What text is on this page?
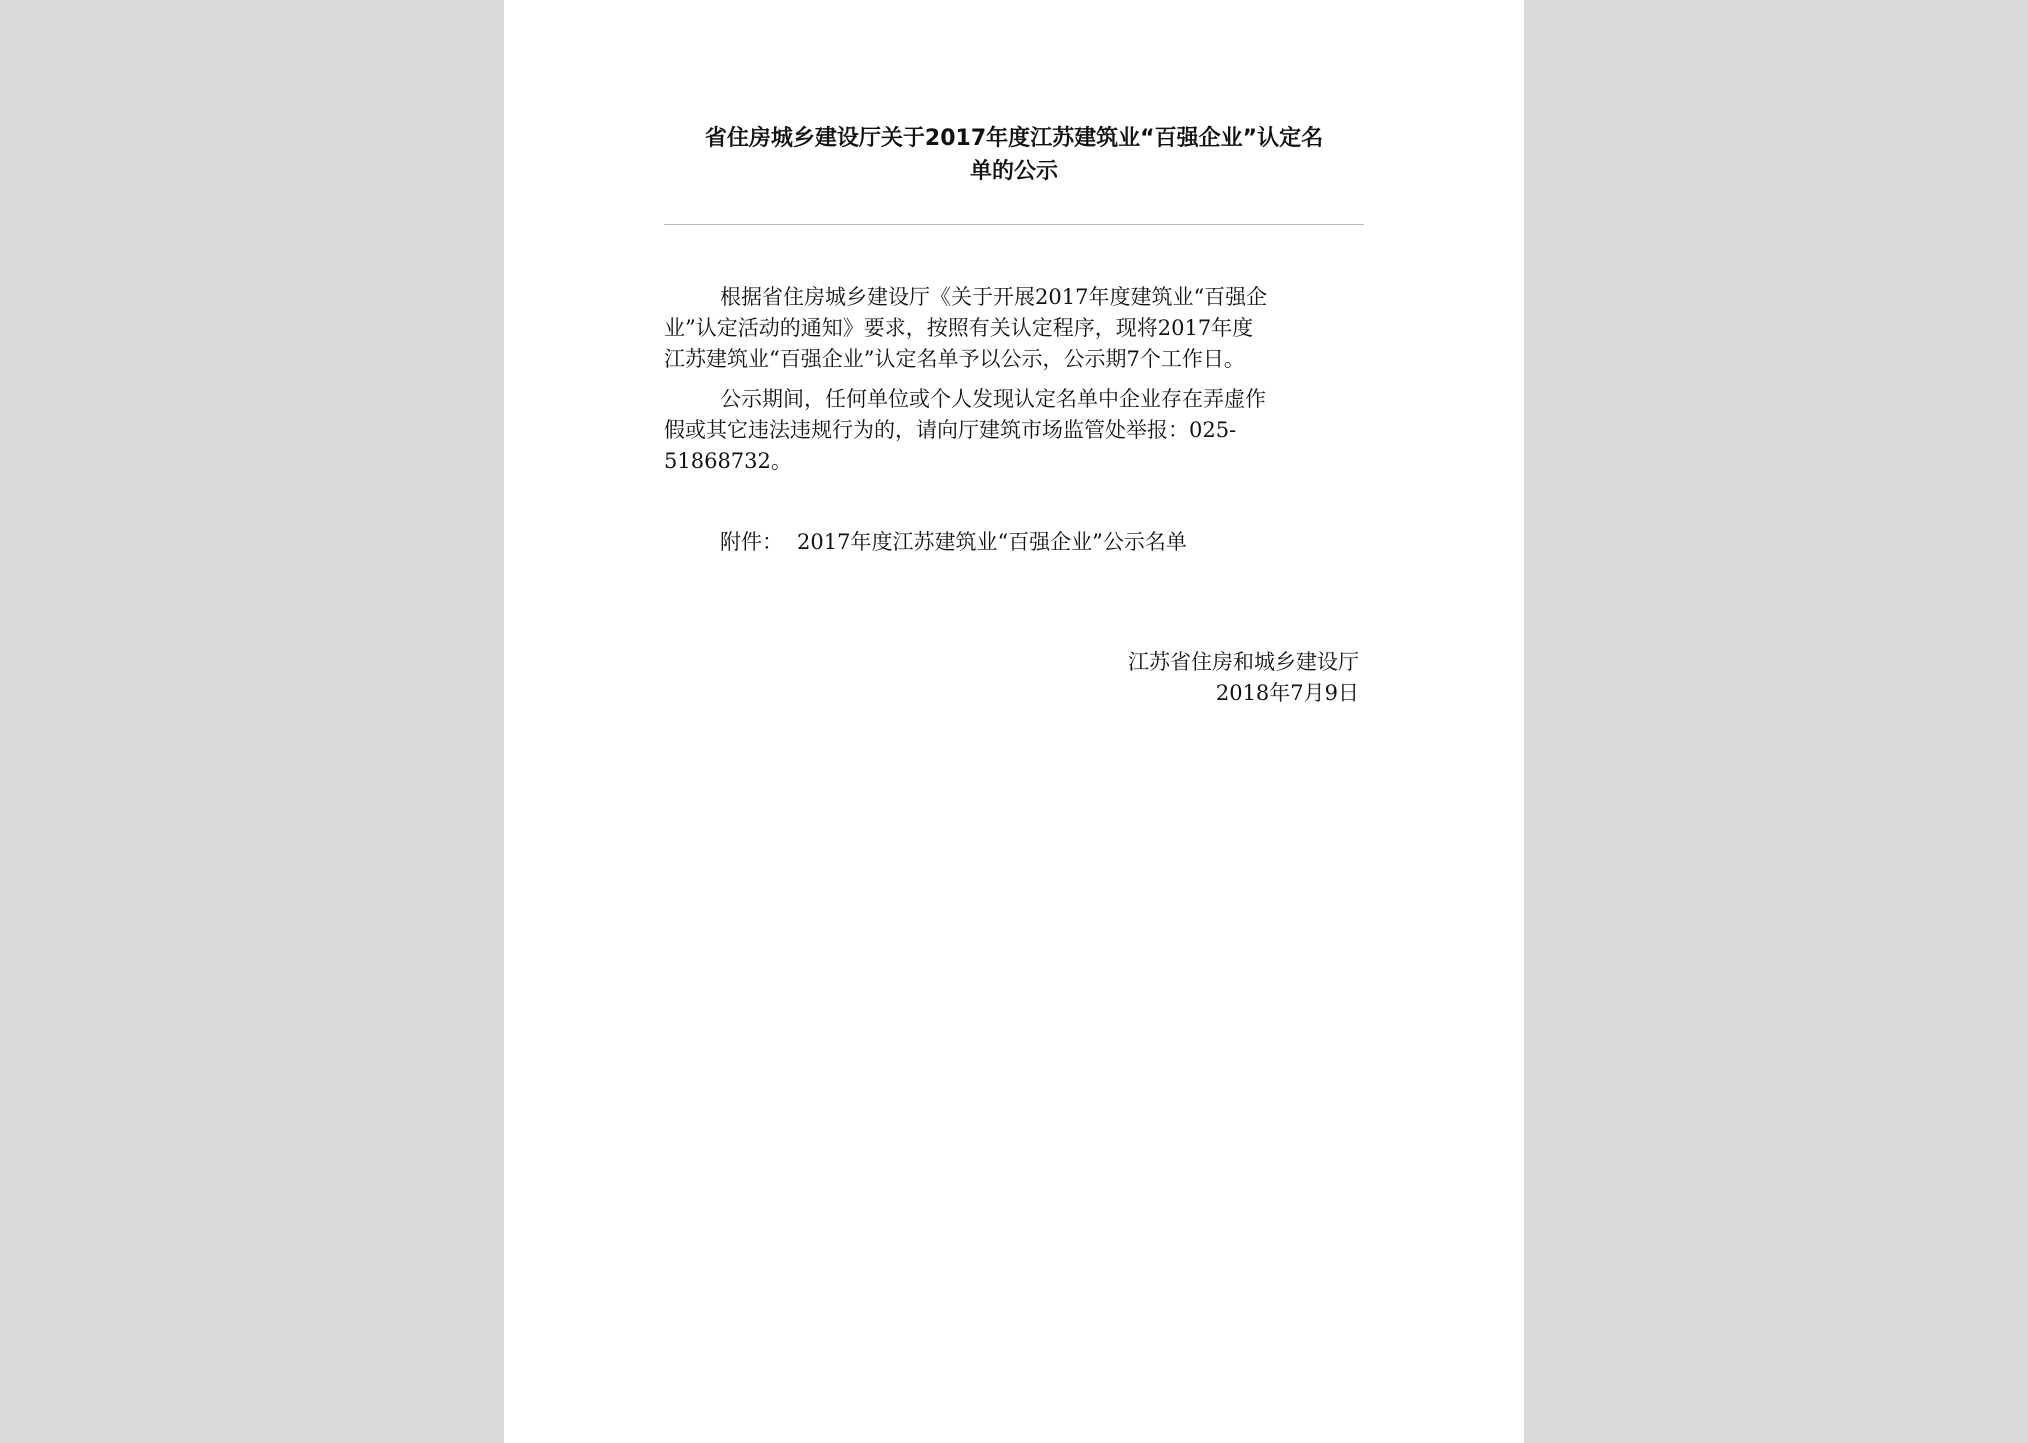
省住房城乡建设厅关于2017年度江苏建筑业“百强企业”认定名
单的公示

根据省住房城乡建设厅《关于开展2017年度建筑业“百强企
业”认定活动的通知》要求，按照有关认定程序，现将2017年度
江苏建筑业“百强企业”认定名单予以公示，公示期7个工作日。

公示期间，任何单位或个人发现认定名单中企业存在弄虚作
假或其它违法违规行为的，请向厅建筑市场监管处举报：025-
51868732。

附件： 2017年度江苏建筑业“百强企业”公示名单
江苏省住房和城乡建设厅
2018年7月9日
